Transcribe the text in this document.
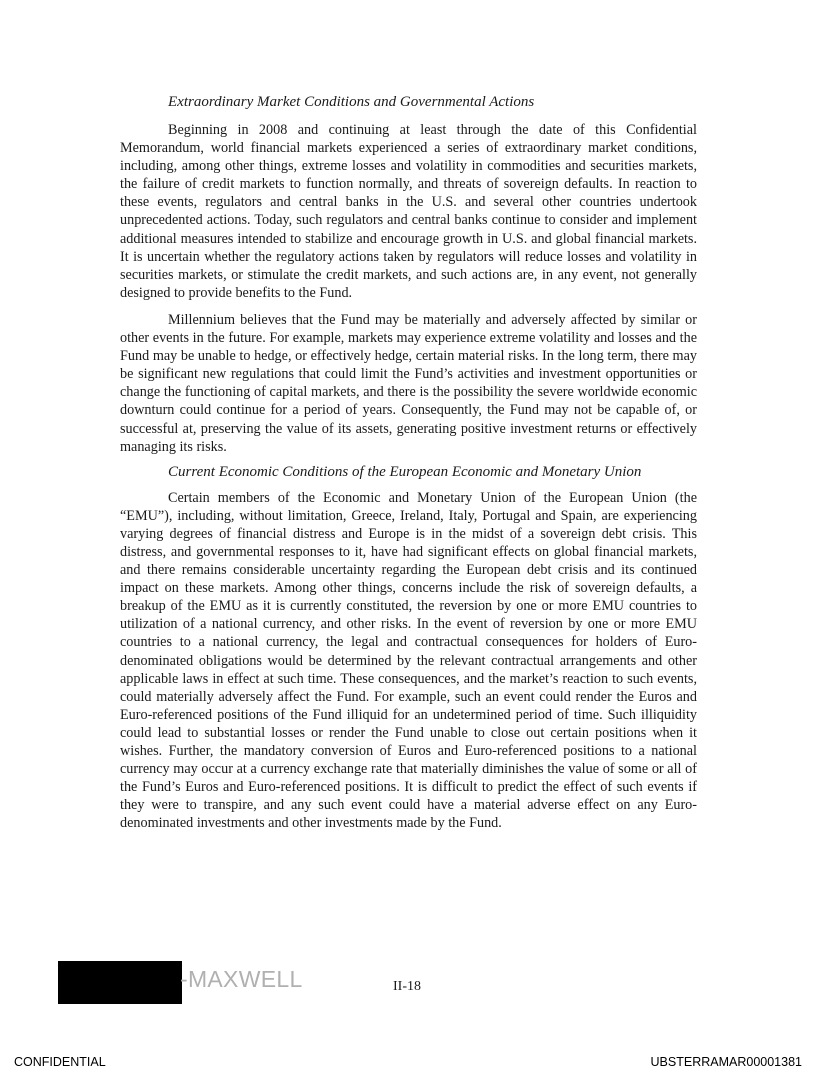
Extraordinary Market Conditions and Governmental Actions

Beginning in 2008 and continuing at least through the date of this Confidential Memorandum, world financial markets experienced a series of extraordinary market conditions, including, among other things, extreme losses and volatility in commodities and securities markets, the failure of credit markets to function normally, and threats of sovereign defaults. In reaction to these events, regulators and central banks in the U.S. and several other countries undertook unprecedented actions. Today, such regulators and central banks continue to consider and implement additional measures intended to stabilize and encourage growth in U.S. and global financial markets. It is uncertain whether the regulatory actions taken by regulators will reduce losses and volatility in securities markets, or stimulate the credit markets, and such actions are, in any event, not generally designed to provide benefits to the Fund.

Millennium believes that the Fund may be materially and adversely affected by similar or other events in the future. For example, markets may experience extreme volatility and losses and the Fund may be unable to hedge, or effectively hedge, certain material risks. In the long term, there may be significant new regulations that could limit the Fund’s activities and investment opportunities or change the functioning of capital markets, and there is the possibility the severe worldwide economic downturn could continue for a period of years. Consequently, the Fund may not be capable of, or successful at, preserving the value of its assets, generating positive investment returns or effectively managing its risks.

Current Economic Conditions of the European Economic and Monetary Union

Certain members of the Economic and Monetary Union of the European Union (the “EMU”), including, without limitation, Greece, Ireland, Italy, Portugal and Spain, are experiencing varying degrees of financial distress and Europe is in the midst of a sovereign debt crisis. This distress, and governmental responses to it, have had significant effects on global financial markets, and there remains considerable uncertainty regarding the European debt crisis and its continued impact on these markets. Among other things, concerns include the risk of sovereign defaults, a breakup of the EMU as it is currently constituted, the reversion by one or more EMU countries to utilization of a national currency, and other risks. In the event of reversion by one or more EMU countries to a national currency, the legal and contractual consequences for holders of Euro-denominated obligations would be determined by the relevant contractual arrangements and other applicable laws in effect at such time. These consequences, and the market’s reaction to such events, could materially adversely affect the Fund. For example, such an event could render the Euros and Euro-referenced positions of the Fund illiquid for an undetermined period of time. Such illiquidity could lead to substantial losses or render the Fund unable to close out certain positions when it wishes. Further, the mandatory conversion of Euros and Euro-referenced positions to a national currency may occur at a currency exchange rate that materially diminishes the value of some or all of the Fund’s Euros and Euro-referenced positions. It is difficult to predict the effect of such events if they were to transpire, and any such event could have a material adverse effect on any Euro-denominated investments and other investments made by the Fund.

-MAXWELL	II-18
CONFIDENTIAL	UBSTERRAMAR00001381
